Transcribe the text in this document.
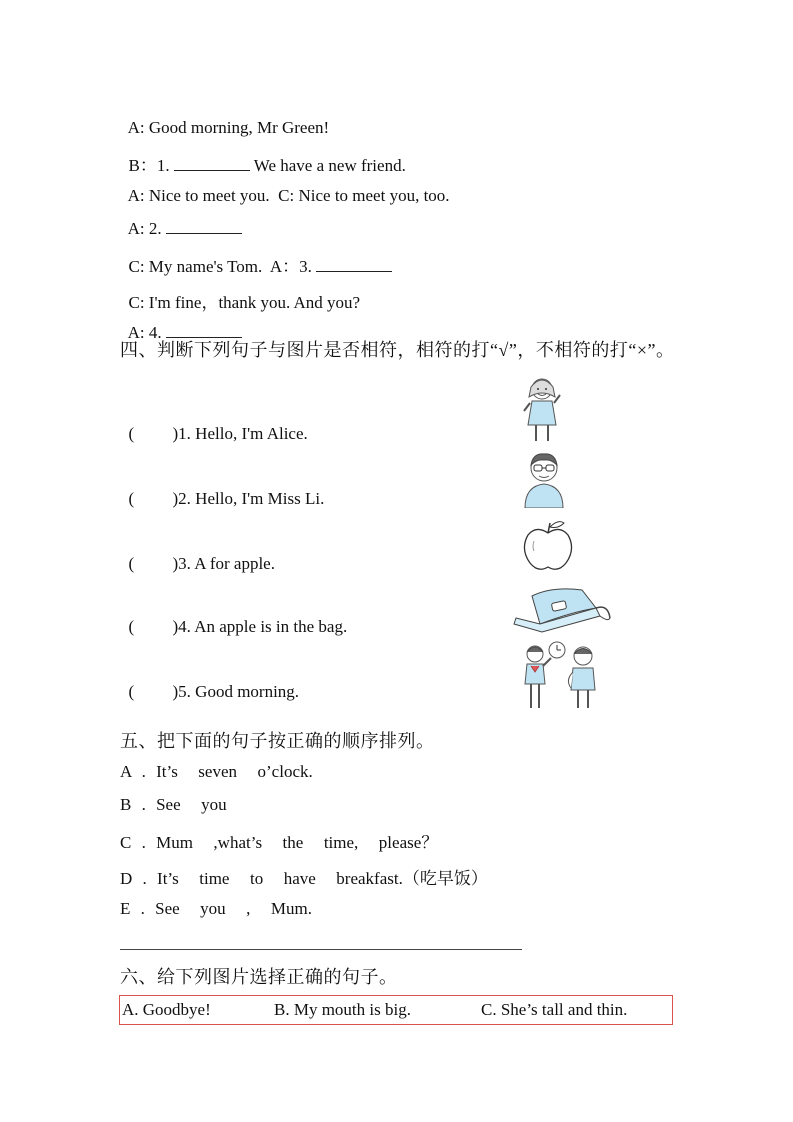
A: Good morning, Mr Green!

B：1.	We have a new friend.

A: Nice to meet you.  C: Nice to meet you, too.

A: 2.

C: My name's Tom.  A：3.

C: I'm fine，thank you. And you?

A: 4.

四、判断下列句子与图片是否相符，相符的打“√”，不相符的打“×”。

( )1. Hello, I'm Alice.

( )2. Hello, I'm Miss Li.

( )3. A for apple.

( )4. An apple is in the bag.

( )5. Good morning.

五、把下面的句子按正确的顺序排列。
A . It’s  seven  o’clock.
B . See  you
C . Mum  ,what’s  the  time,  please？
D . It’s  time  to  have  breakfast.（吃早饭）
E . See  you  ,  Mum.
六、给下列图片选择正确的句子。
A. Goodbye!	B. My mouth is big.	C. She’s tall and thin.
